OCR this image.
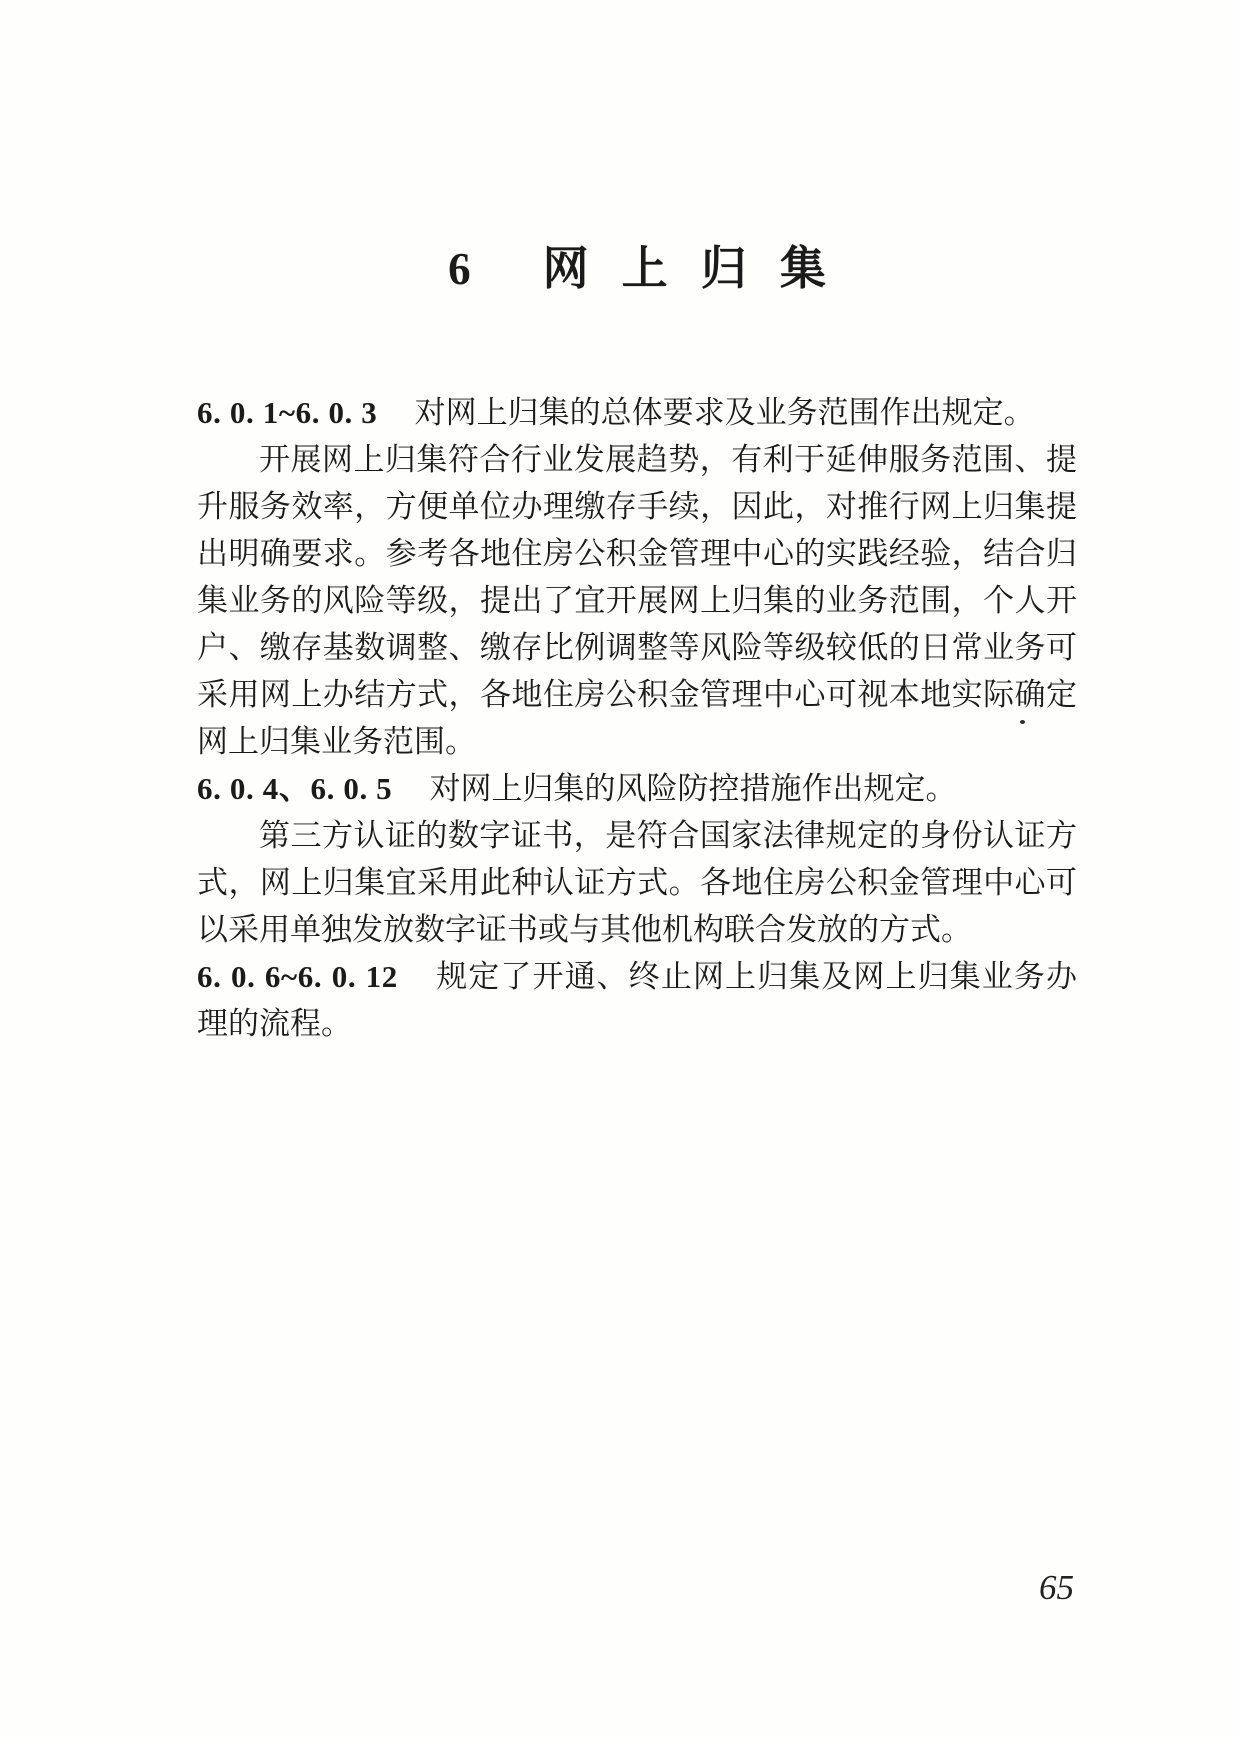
6 网上归集

6. 0. 1~6. 0. 3 对网上归集的总体要求及业务范围作出规定。

开展网上归集符合行业发展趋势，有利于延伸服务范围、提升服务效率，方便单位办理缴存手续，因此，对推行网上归集提出明确要求。参考各地住房公积金管理中心的实践经验，结合归集业务的风险等级，提出了宜开展网上归集的业务范围，个人开户、缴存基数调整、缴存比例调整等风险等级较低的日常业务可采用网上办结方式，各地住房公积金管理中心可视本地实际确定网上归集业务范围。

6. 0. 4、6. 0. 5 对网上归集的风险防控措施作出规定。

第三方认证的数字证书，是符合国家法律规定的身份认证方式，网上归集宜采用此种认证方式。各地住房公积金管理中心可以采用单独发放数字证书或与其他机构联合发放的方式。

6. 0. 6~6. 0. 12 规定了开通、终止网上归集及网上归集业务办理的流程。

65
